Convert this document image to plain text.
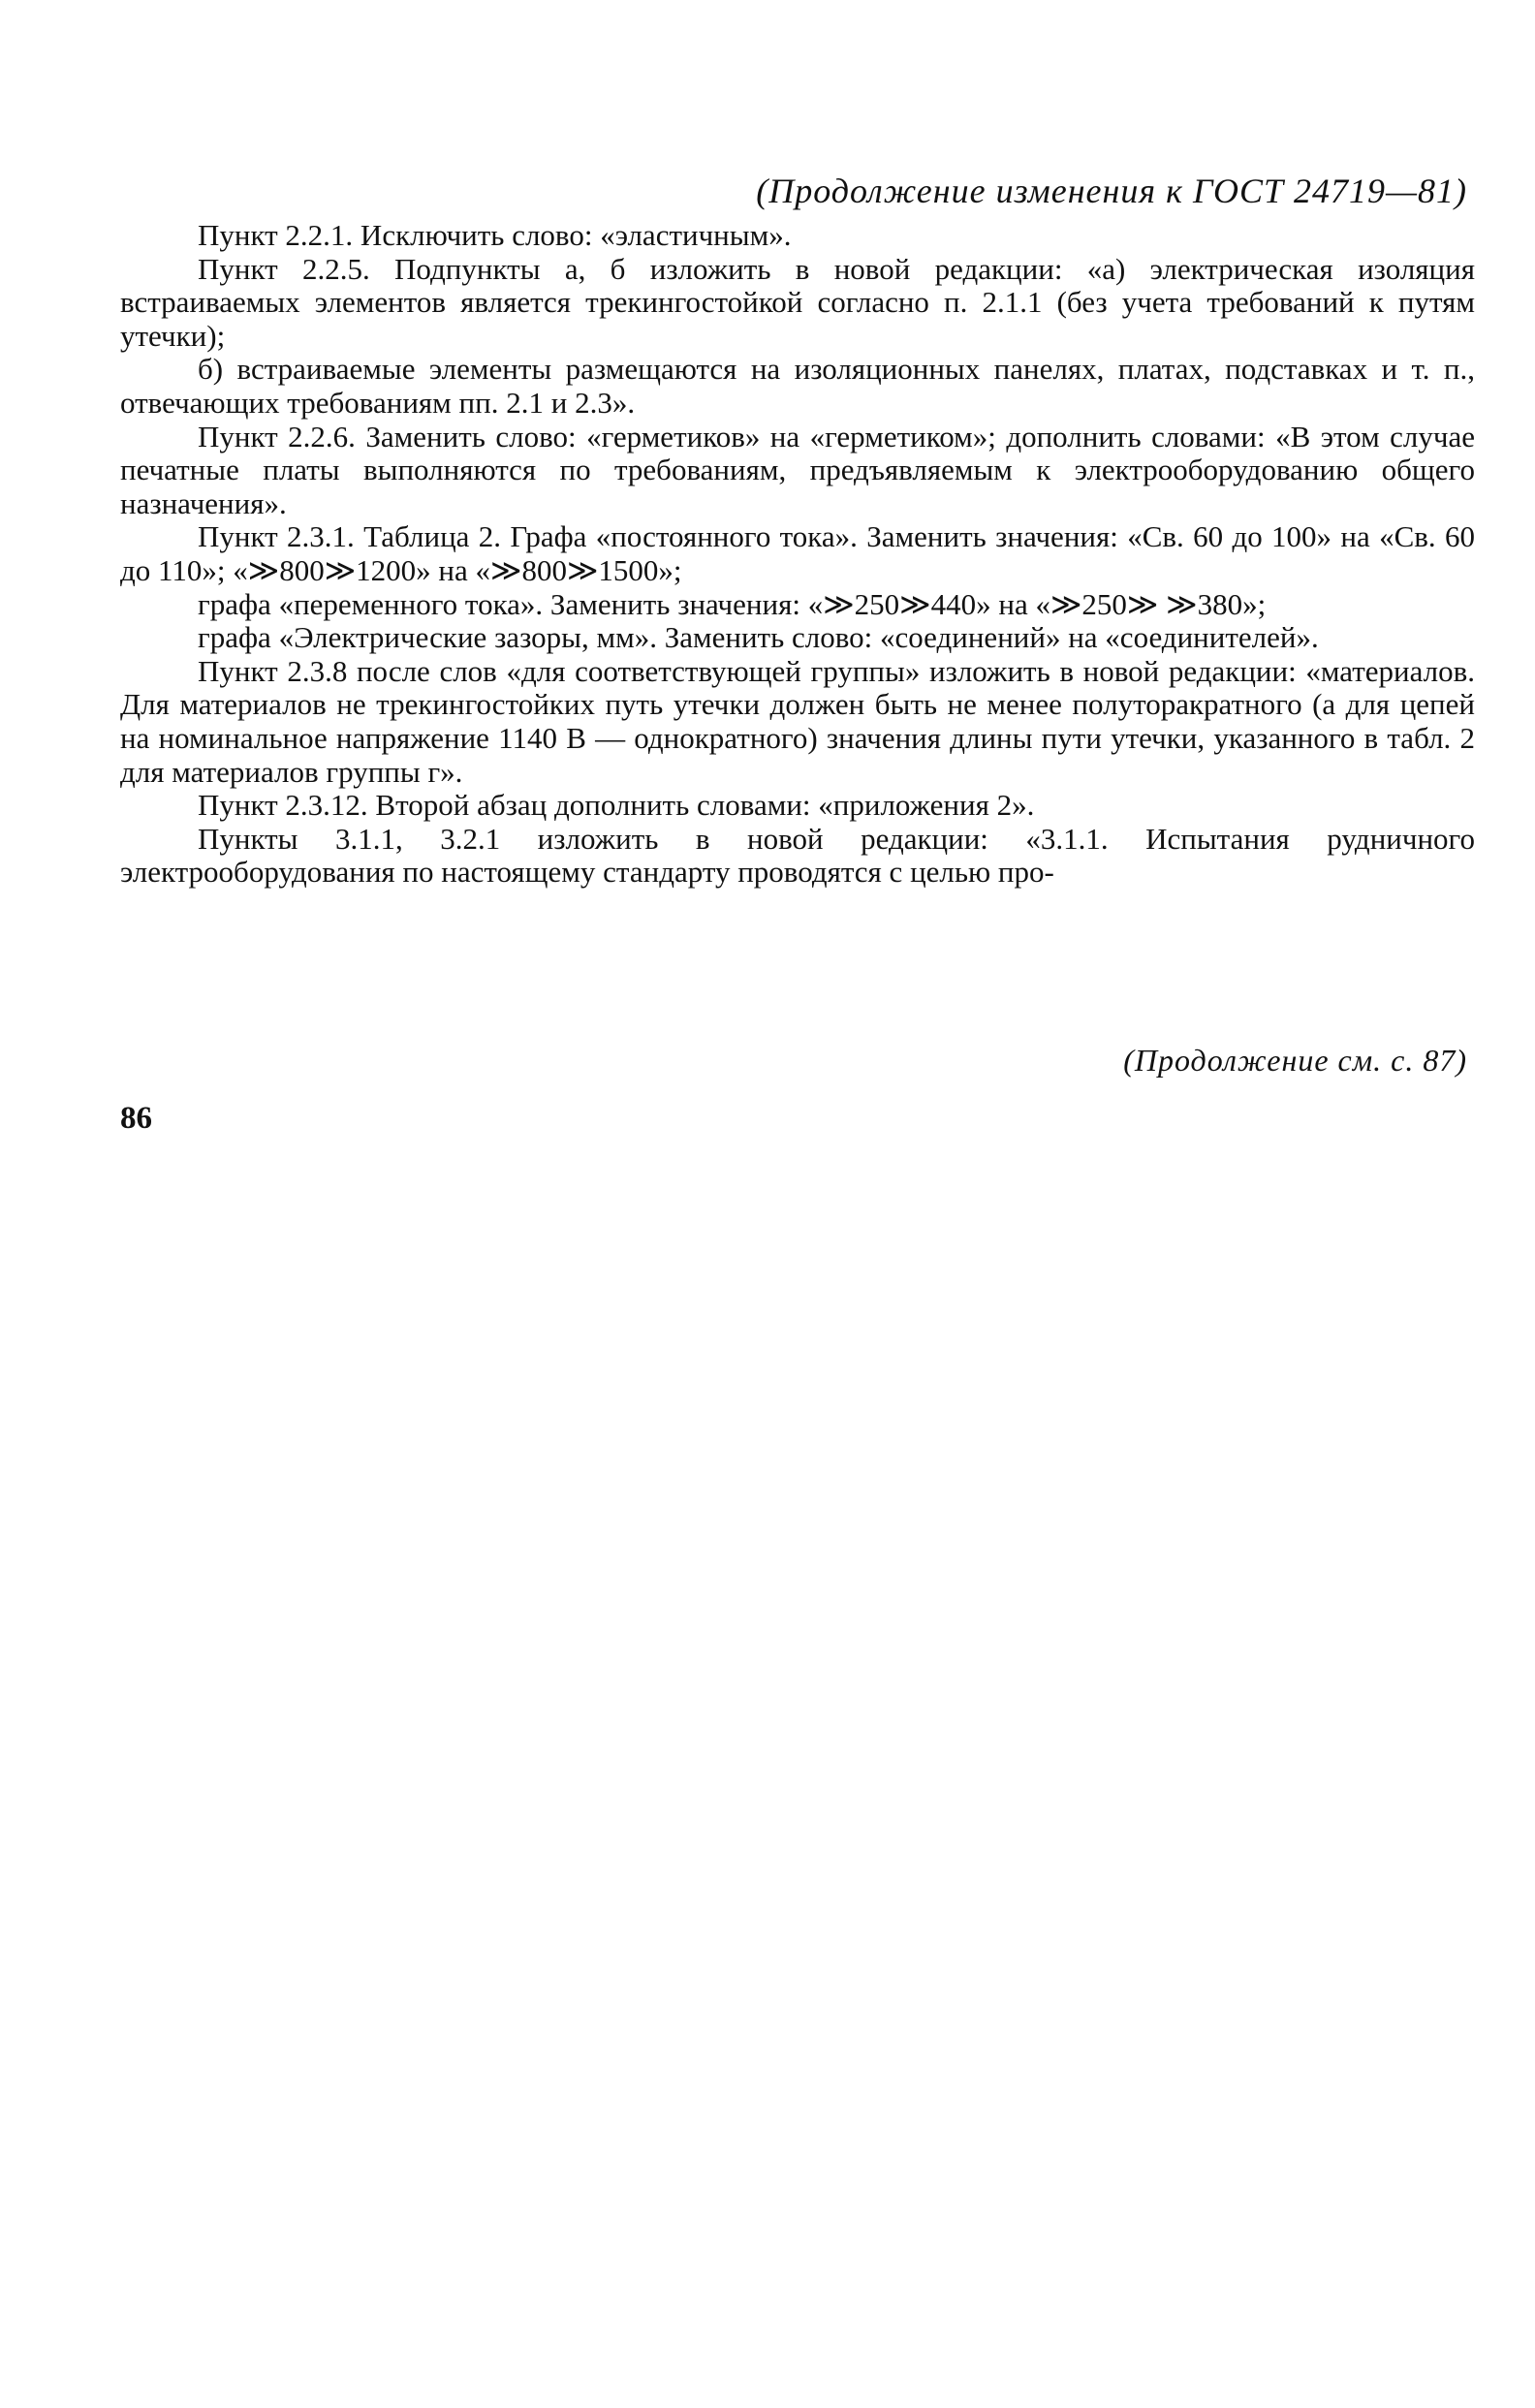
(Продолжение изменения к ГОСТ 24719—81)

Пункт 2.2.1. Исключить слово: «эластичным».

Пункт 2.2.5. Подпункты а, б изложить в новой редакции: «а) электрическая изоляция встраиваемых элементов является трекингостойкой согласно п. 2.1.1 (без учета требований к путям утечки);

б) встраиваемые элементы размещаются на изоляционных панелях, платах, подставках и т. п., отвечающих требованиям пп. 2.1 и 2.3».

Пункт 2.2.6. Заменить слово: «герметиков» на «герметиком»; дополнить словами: «В этом случае печатные платы выполняются по требованиям, предъявляемым к электрооборудованию общего назначения».

Пункт 2.3.1. Таблица 2. Графа «постоянного тока». Заменить значения: «Св. 60 до 100» на «Св. 60 до 110»; «≫800≫1200» на «≫800≫1500»;

графа «переменного тока». Заменить значения: «≫250≫440» на «≫250≫ ≫380»;

графа «Электрические зазоры, мм». Заменить слово: «соединений» на «соединителей».

Пункт 2.3.8 после слов «для соответствующей группы» изложить в новой редакции: «материалов. Для материалов не трекингостойких путь утечки должен быть не менее полуторакратного (а для цепей на номинальное напряжение 1140 В — однократного) значения длины пути утечки, указанного в табл. 2 для материалов группы г».

Пункт 2.3.12. Второй абзац дополнить словами: «приложения 2».

Пункты 3.1.1, 3.2.1 изложить в новой редакции: «3.1.1. Испытания рудничного электрооборудования по настоящему стандарту проводятся с целью про-

(Продолжение см. с. 87)
86
